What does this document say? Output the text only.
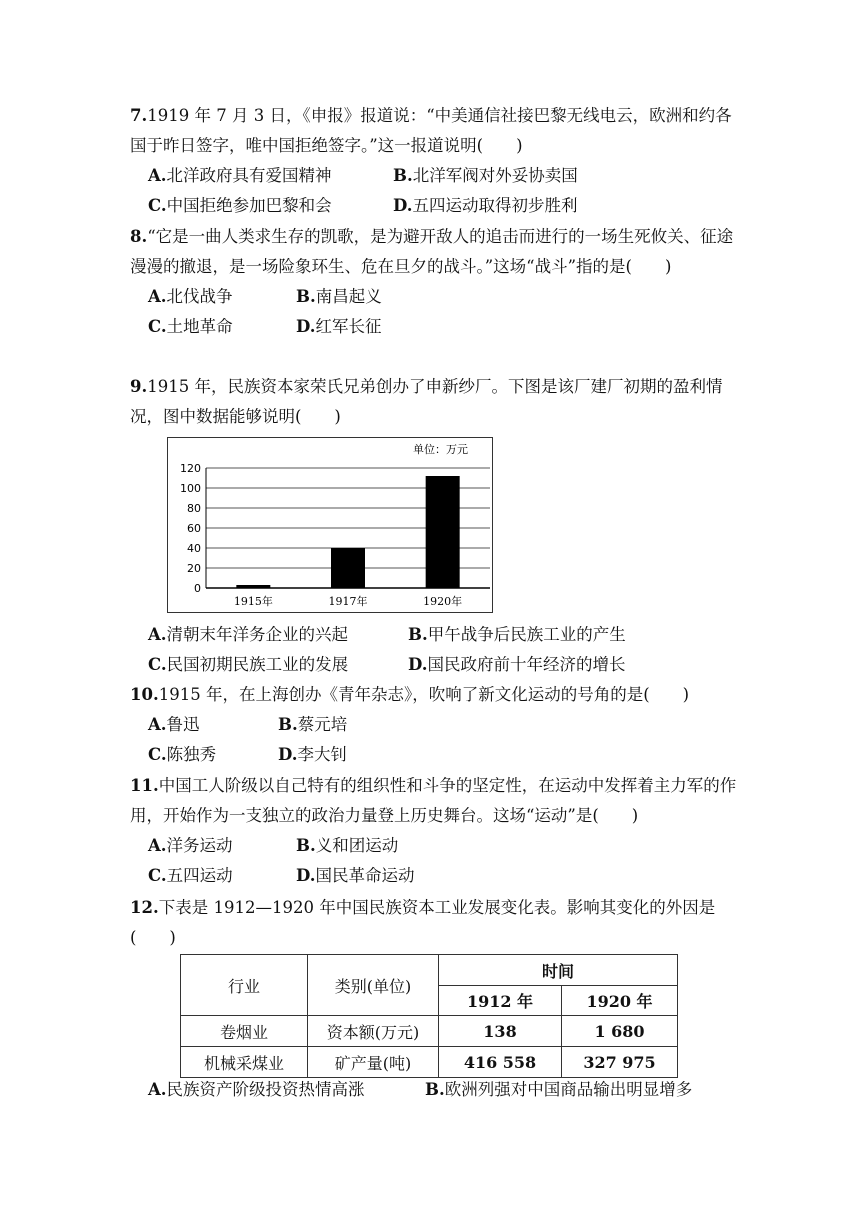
7.1919 年 7 月 3 日，《申报》报道说：“中美通信社接巴黎无线电云，欧洲和约各国于昨日签字，唯中国拒绝签字。”这一报道说明(　　)

A.北洋政府具有爱国精神	B.北洋军阀对外妥协卖国
C.中国拒绝参加巴黎和会	D.五四运动取得初步胜利

8.“它是一曲人类求生存的凯歌，是为避开敌人的追击而进行的一场生死攸关、征途漫漫的撤退，是一场险象环生、危在旦夕的战斗。”这场“战斗”指的是(　　)

A.北伐战争	B.南昌起义
C.土地革命	D.红军长征

9.1915 年，民族资本家荣氏兄弟创办了申新纱厂。下图是该厂建厂初期的盈利情况，图中数据能够说明(　　)

单位：万元
0
20
40
60
80
100
120
1915年	1917年	1920年
A.清朝末年洋务企业的兴起	B.甲午战争后民族工业的产生
C.民国初期民族工业的发展	D.国民政府前十年经济的增长

10.1915 年，在上海创办《青年杂志》，吹响了新文化运动的号角的是(　　)

A.鲁迅	B.蔡元培
C.陈独秀	D.李大钊

11.中国工人阶级以自己特有的组织性和斗争的坚定性，在运动中发挥着主力军的作用，开始作为一支独立的政治力量登上历史舞台。这场“运动”是(　　)

A.洋务运动	B.义和团运动
C.五四运动	D.国民革命运动

12.下表是 1912—1920 年中国民族资本工业发展变化表。影响其变化的外因是(　　)

行业	类别(单位)	时间	
		1912 年	1920 年
卷烟业	资本额(万元)	138	1 680
机械采煤业	矿产量(吨)	416 558	327 975
A.民族资产阶级投资热情高涨	B.欧洲列强对中国商品输出明显增多
